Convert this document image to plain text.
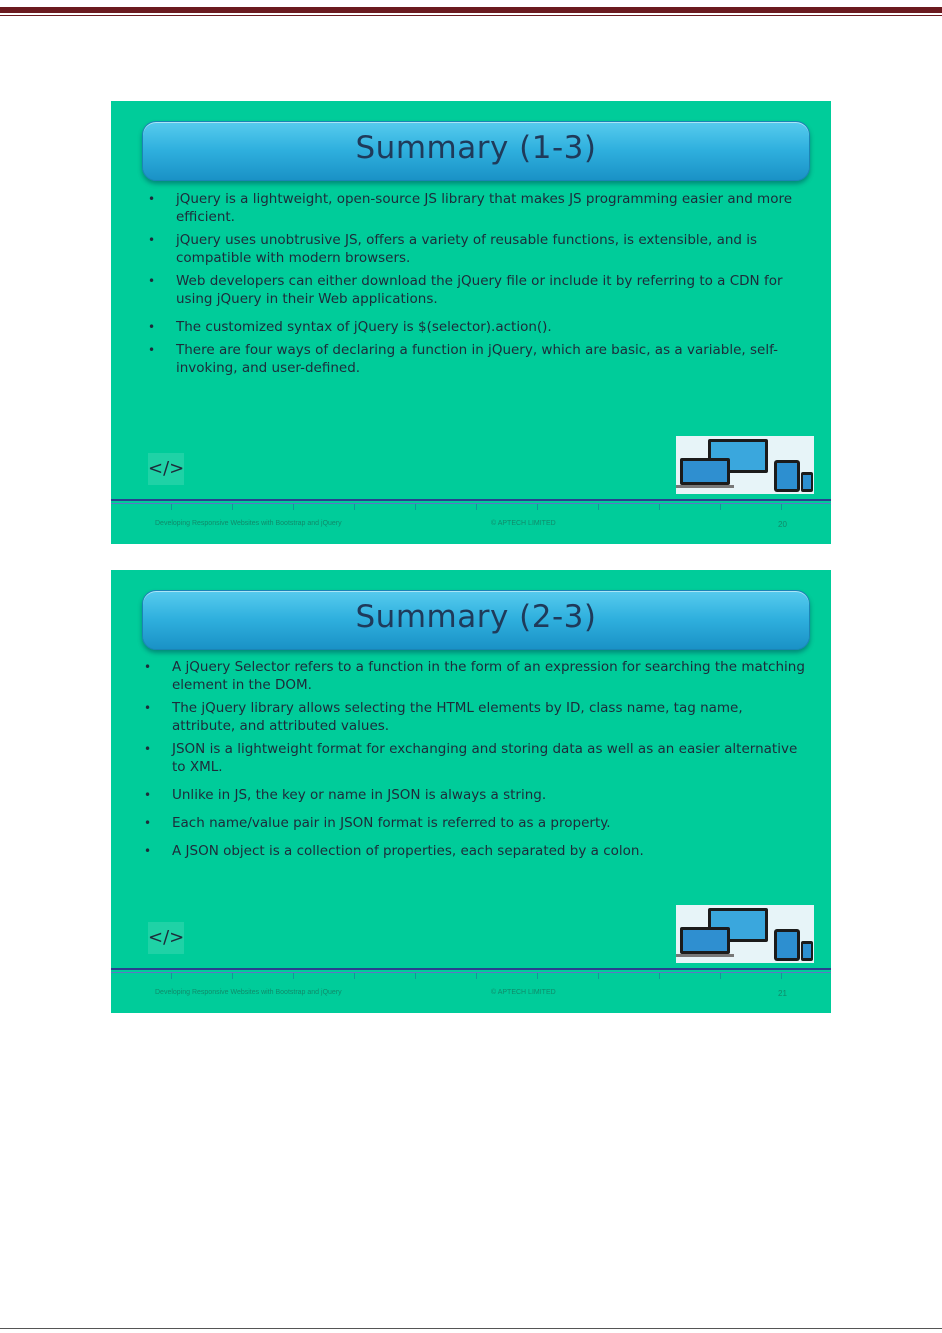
Summary (1-3)
• jQuery is a lightweight, open-source JS library that makes JS programming easier and more efficient.
• jQuery uses unobtrusive JS, offers a variety of reusable functions, is extensible, and is compatible with modern browsers.
• Web developers can either download the jQuery file or include it by referring to a CDN for using jQuery in their Web applications.
• The customized syntax of jQuery is $(selector).action().
• There are four ways of declaring a function in jQuery, which are basic, as a variable, self-invoking, and user-defined.
</>
Developing Responsive Websites with Bootstrap and jQuery	© APTECH LIMITED	20
Summary (2-3)
• A jQuery Selector refers to a function in the form of an expression for searching the matching element in the DOM.
• The jQuery library allows selecting the HTML elements by ID, class name, tag name, attribute, and attributed values.
• JSON is a lightweight format for exchanging and storing data as well as an easier alternative to XML.
• Unlike in JS, the key or name in JSON is always a string.
• Each name/value pair in JSON format is referred to as a property.
• A JSON object is a collection of properties, each separated by a colon.
</>
Developing Responsive Websites with Bootstrap and jQuery	© APTECH LIMITED	21
